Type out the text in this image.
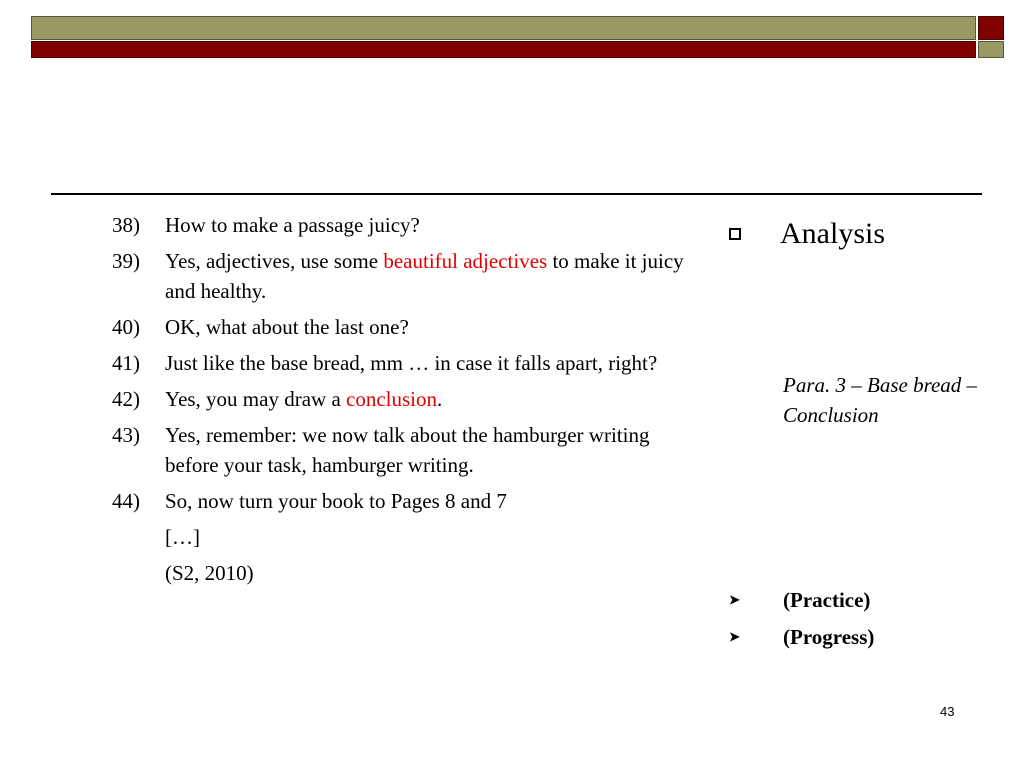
38) How to make a passage juicy?
39) Yes, adjectives, use some beautiful adjectives to make it juicy and healthy.
40) OK, what about the last one?
41) Just like the base bread, mm … in case it falls apart, right?
42) Yes, you may draw a conclusion.
43) Yes, remember: we now talk about the hamburger writing before your task, hamburger writing.
44) So, now turn your book to Pages 8 and 7
[…]
(S2, 2010)
Analysis
Para. 3 – Base bread – Conclusion
➤	(Practice)
➤	(Progress)
43
